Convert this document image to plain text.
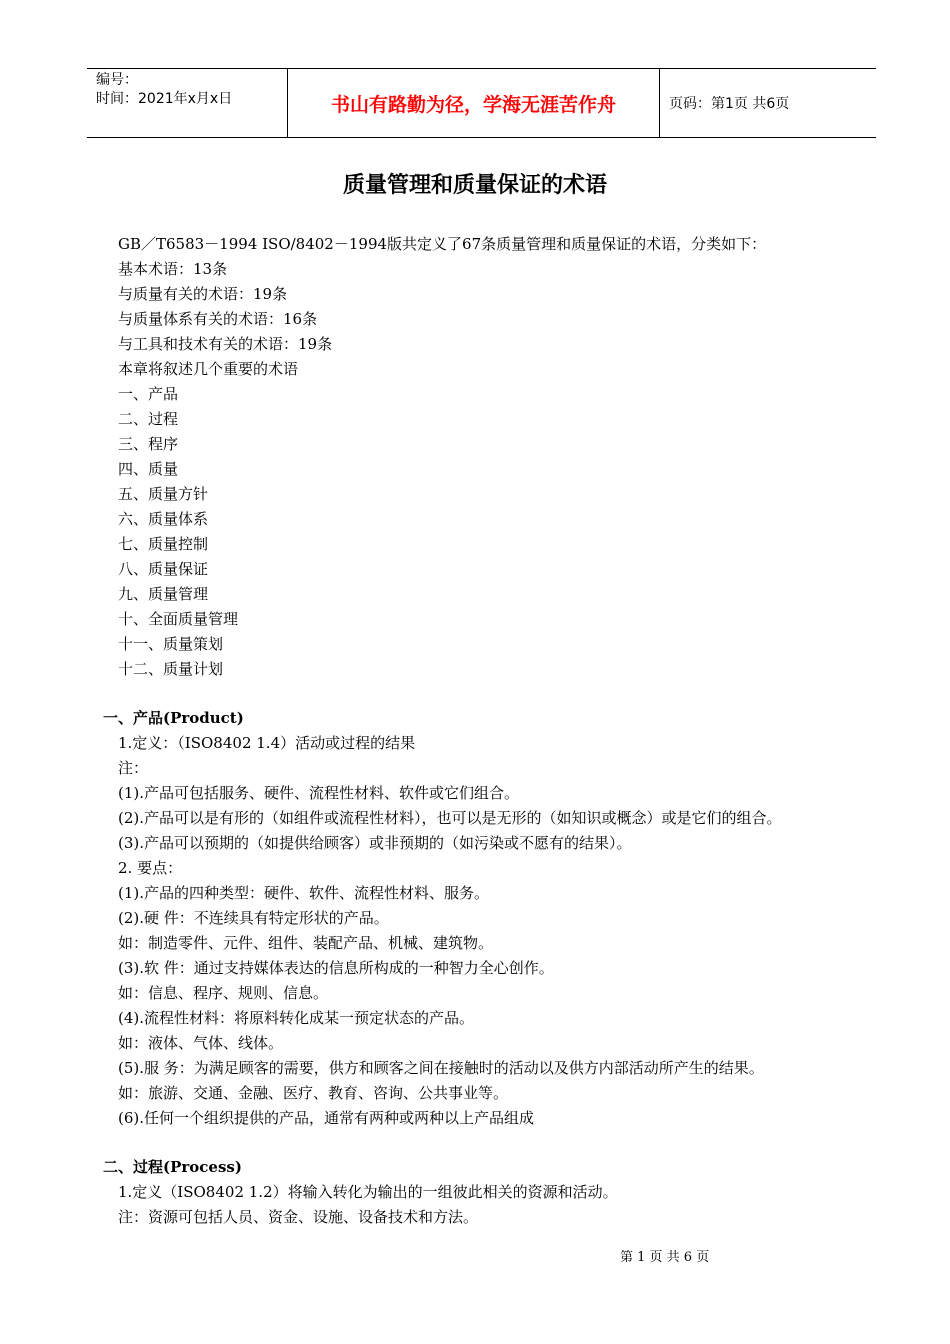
编号：
时间：2021年x月x日	书山有路勤为径，学海无涯苦作舟	页码：第1页 共6页
质量管理和质量保证的术语
GB／T6583－1994 ISO/8402－1994版共定义了67条质量管理和质量保证的术语，分类如下：
基本术语：13条
与质量有关的术语：19条
与质量体系有关的术语：16条
与工具和技术有关的术语：19条
本章将叙述几个重要的术语
一、产品
二、过程
三、程序
四、质量
五、质量方针
六、质量体系
七、质量控制
八、质量保证
九、质量管理
十、全面质量管理
十一、质量策划
十二、质量计划
一、产品(Product)
1.定义：（ISO8402 1.4）活动或过程的结果
注：
(1).产品可包括服务、硬件、流程性材料、软件或它们组合。
(2).产品可以是有形的（如组件或流程性材料），也可以是无形的（如知识或概念）或是它们的组合。
(3).产品可以预期的（如提供给顾客）或非预期的（如污染或不愿有的结果）。
2. 要点：
(1).产品的四种类型：硬件、软件、流程性材料、服务。
(2).硬 件：不连续具有特定形状的产品。
如：制造零件、元件、组件、装配产品、机械、建筑物。
(3).软 件：通过支持媒体表达的信息所构成的一种智力全心创作。
如：信息、程序、规则、信息。
(4).流程性材料：将原料转化成某一预定状态的产品。
如：液体、气体、线体。
(5).服 务：为满足顾客的需要，供方和顾客之间在接触时的活动以及供方内部活动所产生的结果。
如：旅游、交通、金融、医疗、教育、咨询、公共事业等。
(6).任何一个组织提供的产品，通常有两种或两种以上产品组成
二、过程(Process)
1.定义（ISO8402 1.2）将输入转化为输出的一组彼此相关的资源和活动。
注：资源可包括人员、资金、设施、设备技术和方法。
第 1 页 共 6 页
